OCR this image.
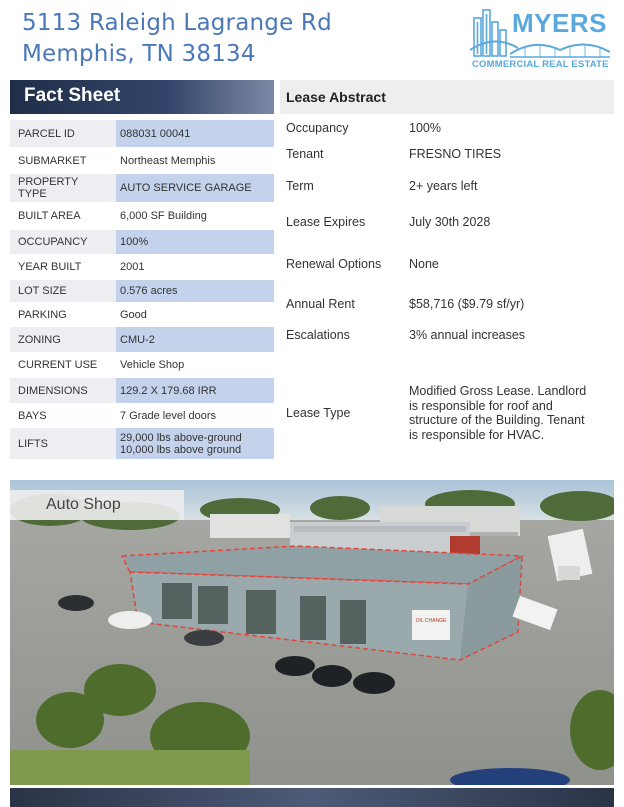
5113 Raleigh Lagrange Rd
Memphis, TN 38134
MYERS
COMMERCIAL REAL ESTATE
Fact Sheet
PARCEL ID	088031 00041
SUBMARKET	Northeast Memphis
PROPERTY
TYPE	AUTO SERVICE GARAGE
BUILT AREA	6,000 SF Building
OCCUPANCY	100%
YEAR BUILT	2001
LOT SIZE	0.576 acres
PARKING	Good
ZONING	CMU-2
CURRENT USE	Vehicle Shop
DIMENSIONS	129.2 X 179.68 IRR
BAYS	7 Grade level doors
LIFTS	29,000 lbs above-ground
10,000 lbs above ground
Lease Abstract
Occupancy	100%
Tenant	FRESNO TIRES
Term	2+ years left
Lease Expires	July 30th 2028
Renewal Options	None
Annual Rent	$58,716 ($9.79 sf/yr)
Escalations	3% annual increases
Lease Type
Modified Gross Lease. Landlord is responsible for roof and structure of the Building. Tenant is responsible for HVAC.
OIL CHANGE
Auto Shop
